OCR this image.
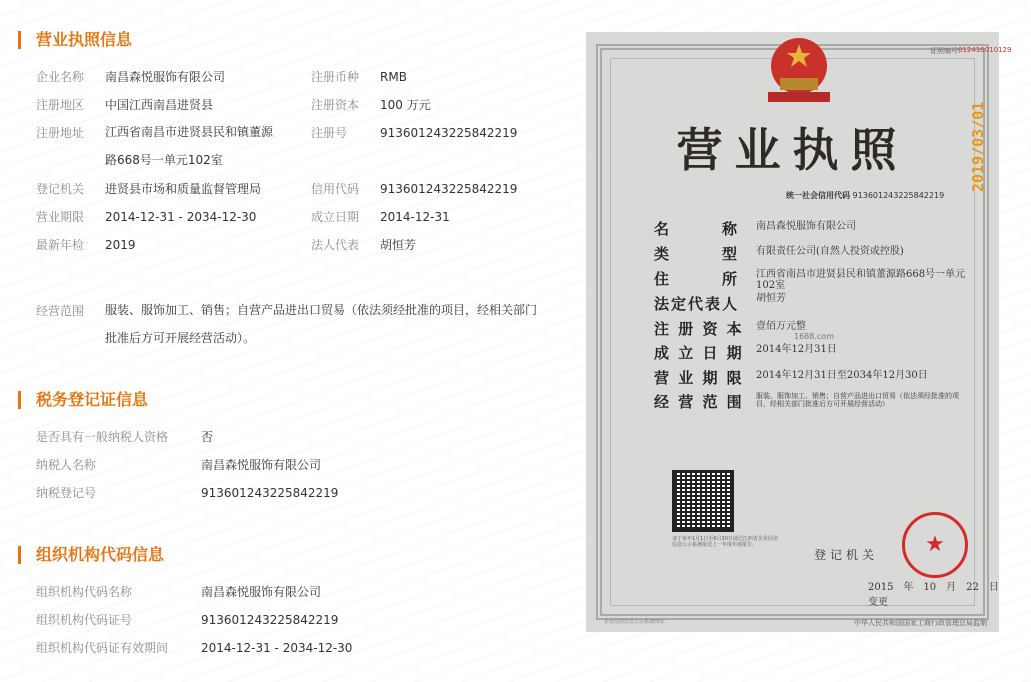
营业执照信息
企业名称 南昌森悦服饰有限公司	注册币种 RMB
注册地区 中国江西南昌进贤县	注册资本 100 万元
注册地址 江西省南昌市进贤县民和镇董源路668号一单元102室
注册号	913601243225842219
登记机关 进贤县市场和质量监督管理局	信用代码 913601243225842219
营业期限 2014-12-31 - 2034-12-30	成立日期 2014-12-31
最新年检 2019	法人代表 胡恒芳
经营范围 服装、服饰加工、销售；自营产品进出口贸易（依法须经批准的项目，经相关部门批准后方可开展经营活动）。
税务登记证信息
是否具有一般纳税人资格	否
纳税人名称	南昌森悦服饰有限公司
纳税登记号	913601243225842219
组织机构代码信息
组织机构代码名称	南昌森悦服饰有限公司
组织机构代码证号	913601243225842219
组织机构代码证有效期间	2014-12-31 - 2034-12-30
证照编号：
012410010129
2019/03/01
营业执照
统一社会信用代码 913601243225842219
名　　　称 南昌森悦服饰有限公司
类　　　型 有限责任公司(自然人投资或控股)
住　　　所 江西省南昌市进贤县民和镇董源路668号一单元102室
法定代表人 胡恒芳
注 册 资 本 壹佰万元整
成 立 日 期 2014年12月31日
营 业 期 限 2014年12月31日至2034年12月30日
经 营 范 围 服装、服饰加工、销售；自营产品进出口贸易（依法须经批准的项目，经相关部门批准后方可开展经营活动）
1688.com
请于每年1月1日至6月30日通过江西省企业信用信息公示系统报送上一年度年度报告。	★
登记机关
2015　年　10　月　22　日 变更
企业信用信息公示系统网址：	中华人民共和国国家工商行政管理总局监制
